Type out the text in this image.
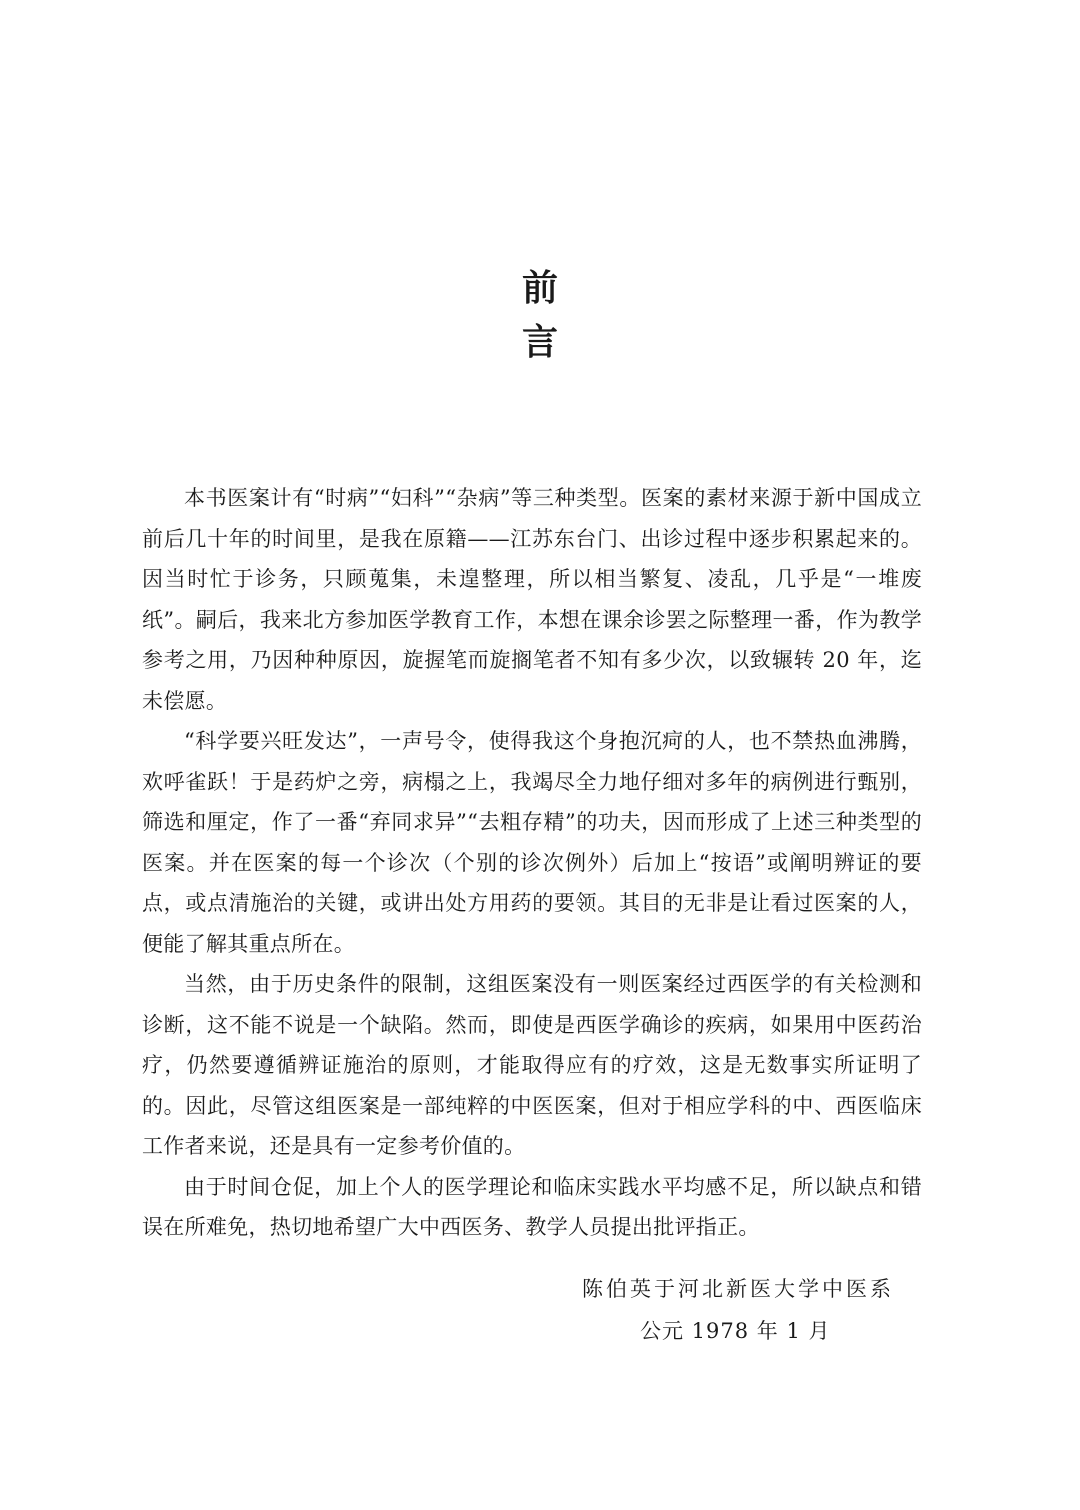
前
言

本书医案计有“时病”“妇科”“杂病”等三种类型。医案的素材来源于新中国成立前后几十年的时间里，是我在原籍——江苏东台门、出诊过程中逐步积累起来的。因当时忙于诊务，只顾蒐集，未遑整理，所以相当繁复、凌乱，几乎是“一堆废纸”。嗣后，我来北方参加医学教育工作，本想在课余诊罢之际整理一番，作为教学参考之用，乃因种种原因，旋握笔而旋搁笔者不知有多少次，以致辗转 20 年，迄未偿愿。

“科学要兴旺发达”，一声号令，使得我这个身抱沉疴的人，也不禁热血沸腾，欢呼雀跃！于是药炉之旁，病榻之上，我竭尽全力地仔细对多年的病例进行甄别，筛选和厘定，作了一番“弃同求异”“去粗存精”的功夫，因而形成了上述三种类型的医案。并在医案的每一个诊次（个别的诊次例外）后加上“按语”或阐明辨证的要点，或点清施治的关键，或讲出处方用药的要领。其目的无非是让看过医案的人，便能了解其重点所在。

当然，由于历史条件的限制，这组医案没有一则医案经过西医学的有关检测和诊断，这不能不说是一个缺陷。然而，即使是西医学确诊的疾病，如果用中医药治疗，仍然要遵循辨证施治的原则，才能取得应有的疗效，这是无数事实所证明了的。因此，尽管这组医案是一部纯粹的中医医案，但对于相应学科的中、西医临床工作者来说，还是具有一定参考价值的。

由于时间仓促，加上个人的医学理论和临床实践水平均感不足，所以缺点和错误在所难免，热切地希望广大中西医务、教学人员提出批评指正。

陈伯英于河北新医大学中医系
公元 1978 年 1 月
